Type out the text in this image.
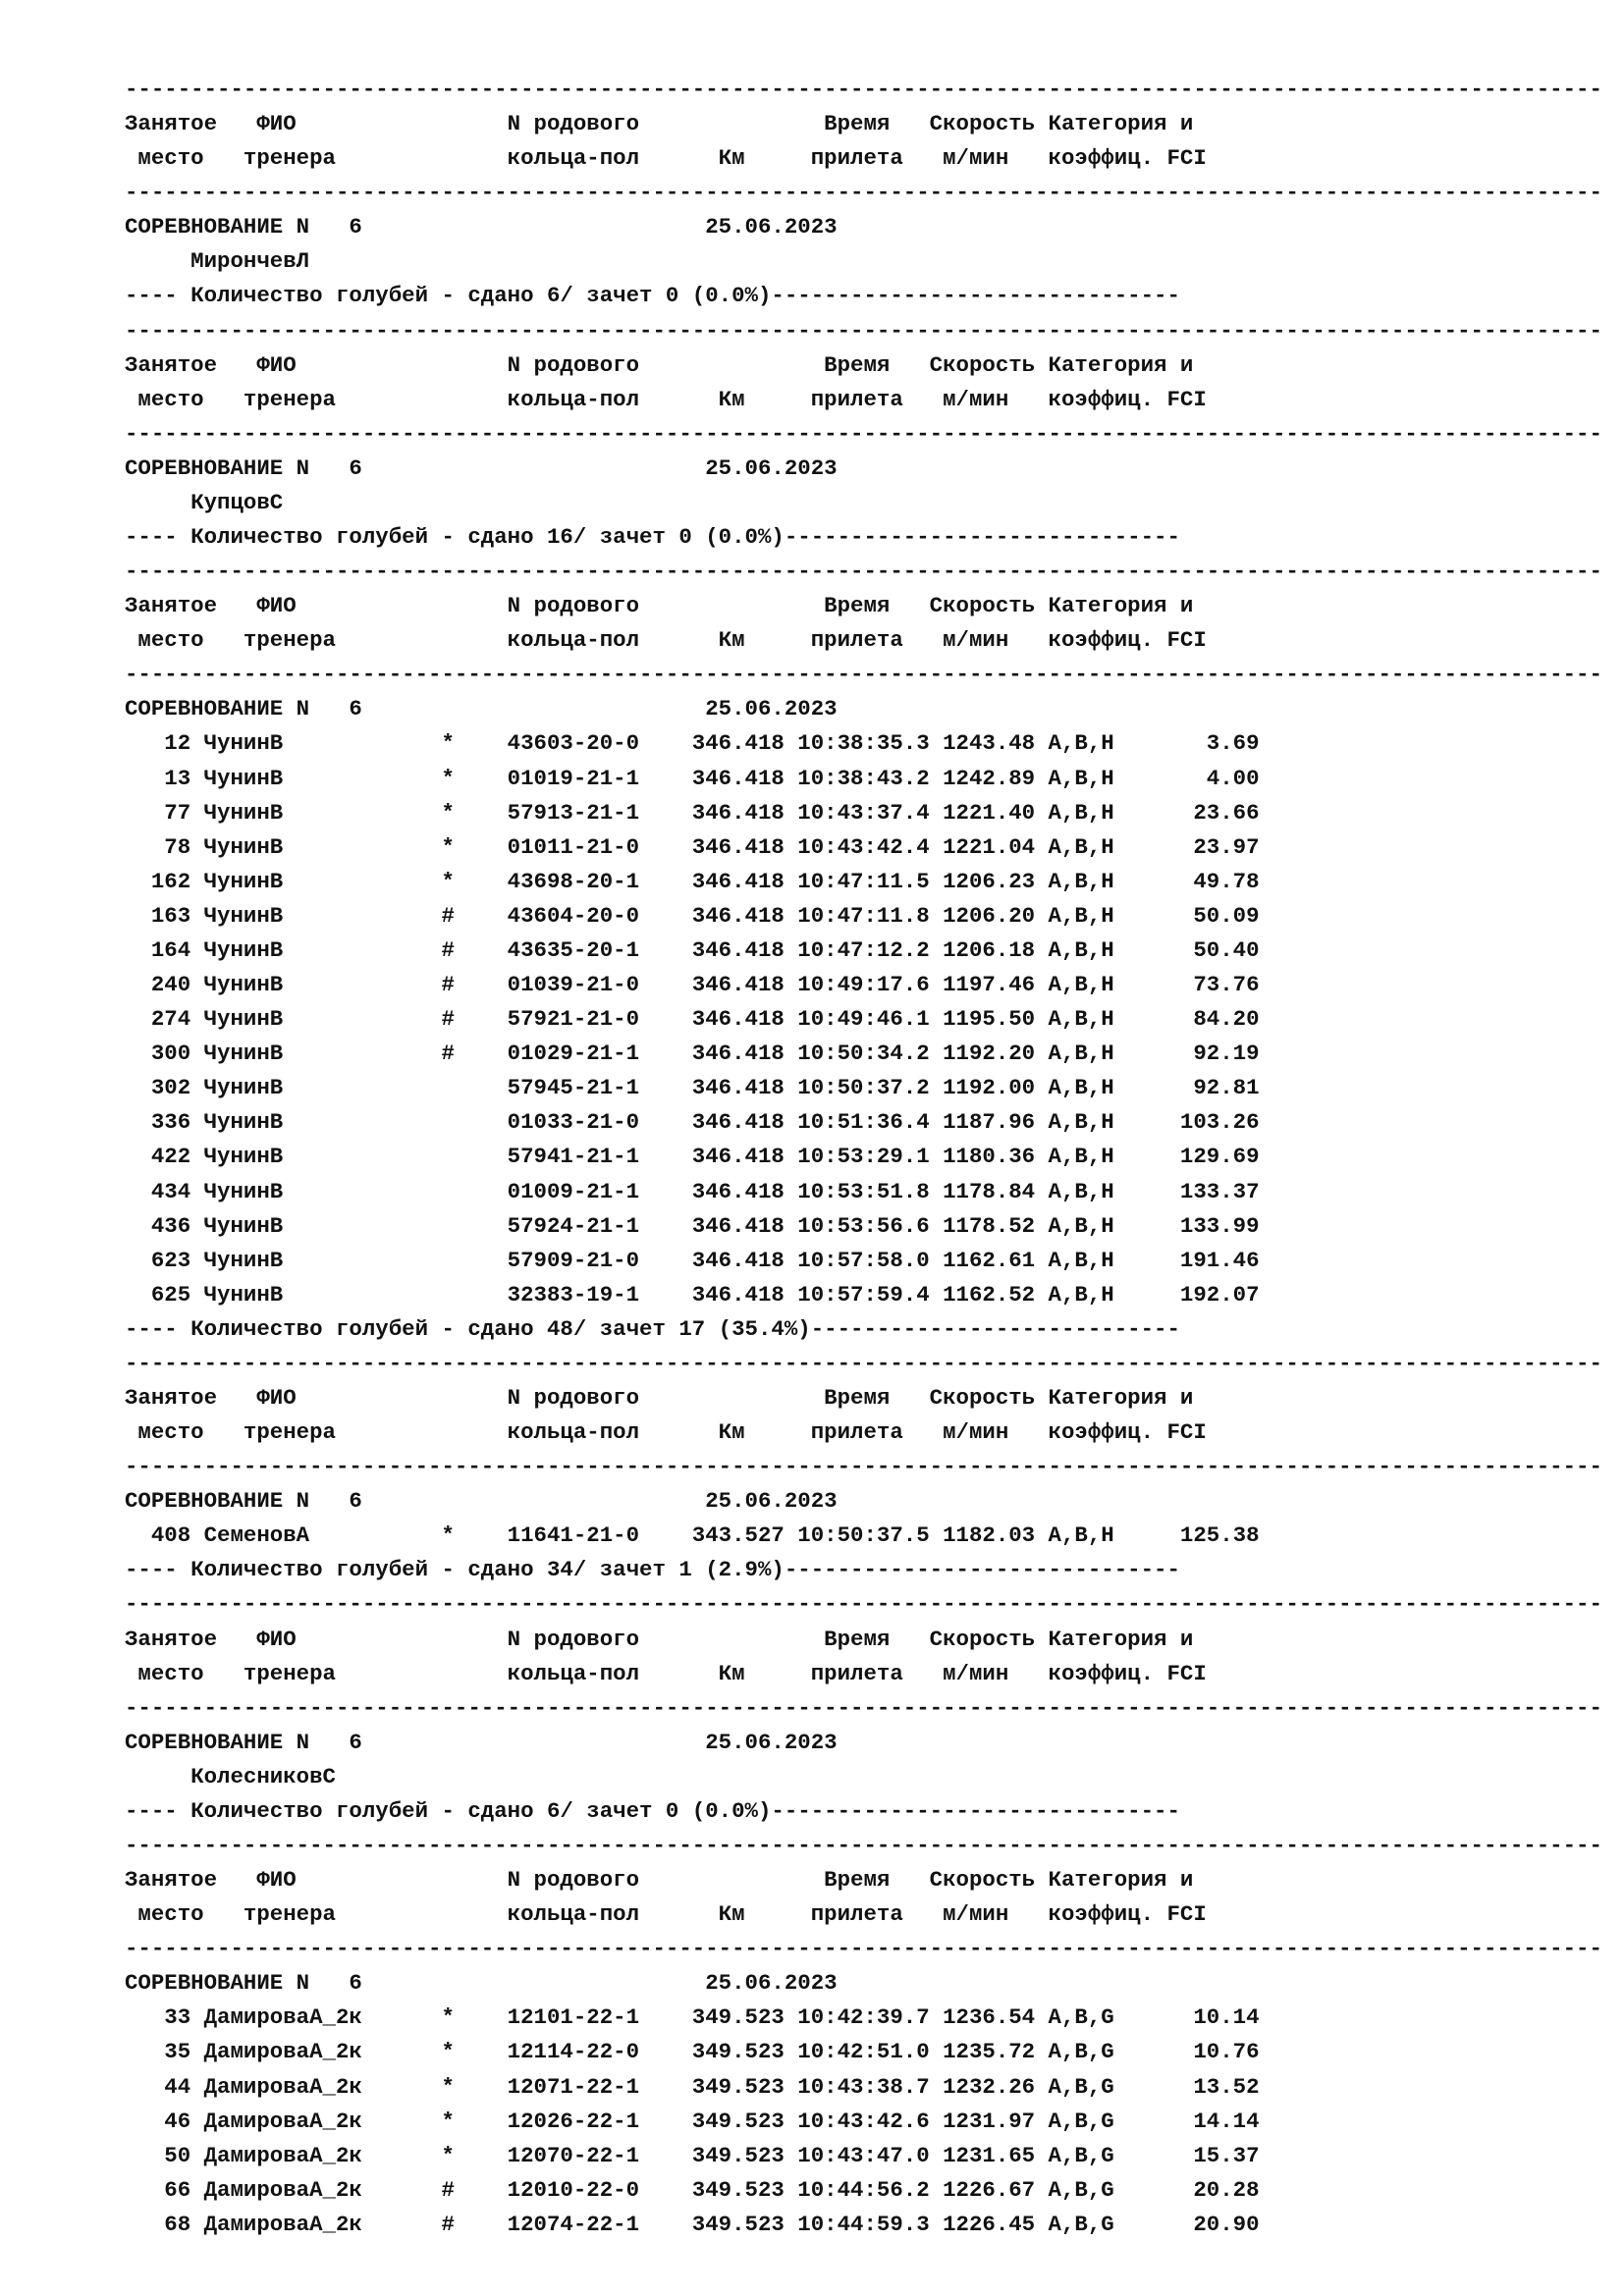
----------------------------------------------------------------------------------------------------------------
Занятое   ФИО                N родового              Время   Скорость Категория и
место   тренера             кольца-пол      Км     прилета   м/мин   коэффиц. FCI
----------------------------------------------------------------------------------------------------------------
СОРЕВНОВАНИЕ N   6                          25.06.2023
МирончевЛ
---- Количество голубей - сдано 6/ зачет 0 (0.0%)-------------------------------
----------------------------------------------------------------------------------------------------------------
Занятое   ФИО                N родового              Время   Скорость Категория и
место   тренера             кольца-пол      Км     прилета   м/мин   коэффиц. FCI
----------------------------------------------------------------------------------------------------------------
СОРЕВНОВАНИЕ N   6                          25.06.2023
КупцовС
---- Количество голубей - сдано 16/ зачет 0 (0.0%)------------------------------
----------------------------------------------------------------------------------------------------------------
Занятое   ФИО                N родового              Время   Скорость Категория и
место   тренера             кольца-пол      Км     прилета   м/мин   коэффиц. FCI
----------------------------------------------------------------------------------------------------------------
СОРЕВНОВАНИЕ N   6                          25.06.2023
12 ЧунинВ            *    43603-20-0    346.418 10:38:35.3 1243.48 A,B,H       3.69
13 ЧунинВ            *    01019-21-1    346.418 10:38:43.2 1242.89 A,B,H       4.00
77 ЧунинВ            *    57913-21-1    346.418 10:43:37.4 1221.40 A,B,H      23.66
78 ЧунинВ            *    01011-21-0    346.418 10:43:42.4 1221.04 A,B,H      23.97
162 ЧунинВ            *    43698-20-1    346.418 10:47:11.5 1206.23 A,B,H      49.78
163 ЧунинВ            #    43604-20-0    346.418 10:47:11.8 1206.20 A,B,H      50.09
164 ЧунинВ            #    43635-20-1    346.418 10:47:12.2 1206.18 A,B,H      50.40
240 ЧунинВ            #    01039-21-0    346.418 10:49:17.6 1197.46 A,B,H      73.76
274 ЧунинВ            #    57921-21-0    346.418 10:49:46.1 1195.50 A,B,H      84.20
300 ЧунинВ            #    01029-21-1    346.418 10:50:34.2 1192.20 A,B,H      92.19
302 ЧунинВ                 57945-21-1    346.418 10:50:37.2 1192.00 A,B,H      92.81
336 ЧунинВ                 01033-21-0    346.418 10:51:36.4 1187.96 A,B,H     103.26
422 ЧунинВ                 57941-21-1    346.418 10:53:29.1 1180.36 A,B,H     129.69
434 ЧунинВ                 01009-21-1    346.418 10:53:51.8 1178.84 A,B,H     133.37
436 ЧунинВ                 57924-21-1    346.418 10:53:56.6 1178.52 A,B,H     133.99
623 ЧунинВ                 57909-21-0    346.418 10:57:58.0 1162.61 A,B,H     191.46
625 ЧунинВ                 32383-19-1    346.418 10:57:59.4 1162.52 A,B,H     192.07
---- Количество голубей - сдано 48/ зачет 17 (35.4%)----------------------------
----------------------------------------------------------------------------------------------------------------
Занятое   ФИО                N родового              Время   Скорость Категория и
место   тренера             кольца-пол      Км     прилета   м/мин   коэффиц. FCI
----------------------------------------------------------------------------------------------------------------
СОРЕВНОВАНИЕ N   6                          25.06.2023
408 СеменовА          *    11641-21-0    343.527 10:50:37.5 1182.03 A,B,H     125.38
---- Количество голубей - сдано 34/ зачет 1 (2.9%)------------------------------
----------------------------------------------------------------------------------------------------------------
Занятое   ФИО                N родового              Время   Скорость Категория и
место   тренера             кольца-пол      Км     прилета   м/мин   коэффиц. FCI
----------------------------------------------------------------------------------------------------------------
СОРЕВНОВАНИЕ N   6                          25.06.2023
КолесниковС
---- Количество голубей - сдано 6/ зачет 0 (0.0%)-------------------------------
----------------------------------------------------------------------------------------------------------------
Занятое   ФИО                N родового              Время   Скорость Категория и
место   тренера             кольца-пол      Км     прилета   м/мин   коэффиц. FCI
----------------------------------------------------------------------------------------------------------------
СОРЕВНОВАНИЕ N   6                          25.06.2023
33 ДамироваA_2к      *    12101-22-1    349.523 10:42:39.7 1236.54 A,B,G      10.14
35 ДамироваA_2к      *    12114-22-0    349.523 10:42:51.0 1235.72 A,B,G      10.76
44 ДамироваA_2к      *    12071-22-1    349.523 10:43:38.7 1232.26 A,B,G      13.52
46 ДамироваA_2к      *    12026-22-1    349.523 10:43:42.6 1231.97 A,B,G      14.14
50 ДамироваA_2к      *    12070-22-1    349.523 10:43:47.0 1231.65 A,B,G      15.37
66 ДамироваA_2к      #    12010-22-0    349.523 10:44:56.2 1226.67 A,B,G      20.28
68 ДамироваA_2к      #    12074-22-1    349.523 10:44:59.3 1226.45 A,B,G      20.90
